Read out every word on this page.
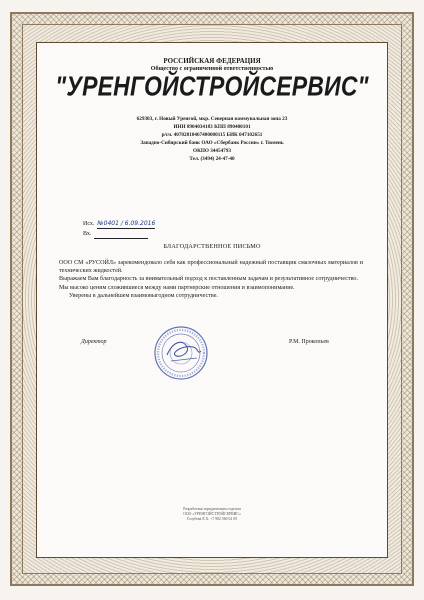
РОССИЙСКАЯ ФЕДЕРАЦИЯ
Общество с ограниченной ответственностью
"УРЕНГОЙСТРОЙСЕРВИС"
629303, г. Новый Уренгой, мкр. Северная коммунальная зона 23
ИНН 8904034183 КПП 890400101
р/сч. 40702810467400000115 БИК 047102651
Западно-Сибирский банк ОАО «Сбербанк России» г. Тюмень
ОКПО 34454793
Тел. (3494) 24-47-40
Исх. №0401 / 6.09.2016
Вх.
БЛАГОДАРСТВЕННОЕ ПИСЬМО

ООО СМ «РУСОЙЛ» зарекомендовало себя как профессиональный надежный поставщик смазочных материалов и технических жидкостей.

Выражаем Вам благодарность за внимательный подход к поставленным задачам и результативное сотрудничество.

Мы высоко ценим сложившиеся между нами партнерские отношения и взаимопонимание.

Уверены в дальнейшем взаимовыгодном сотрудничестве.

Директор	Р.М. Прокопьев
Разработано юридическим отделом
ООО «УРЕНГОЙСТРОЙСЕРВИС»
Голубева Е.Х. +7 982 560 02 09
